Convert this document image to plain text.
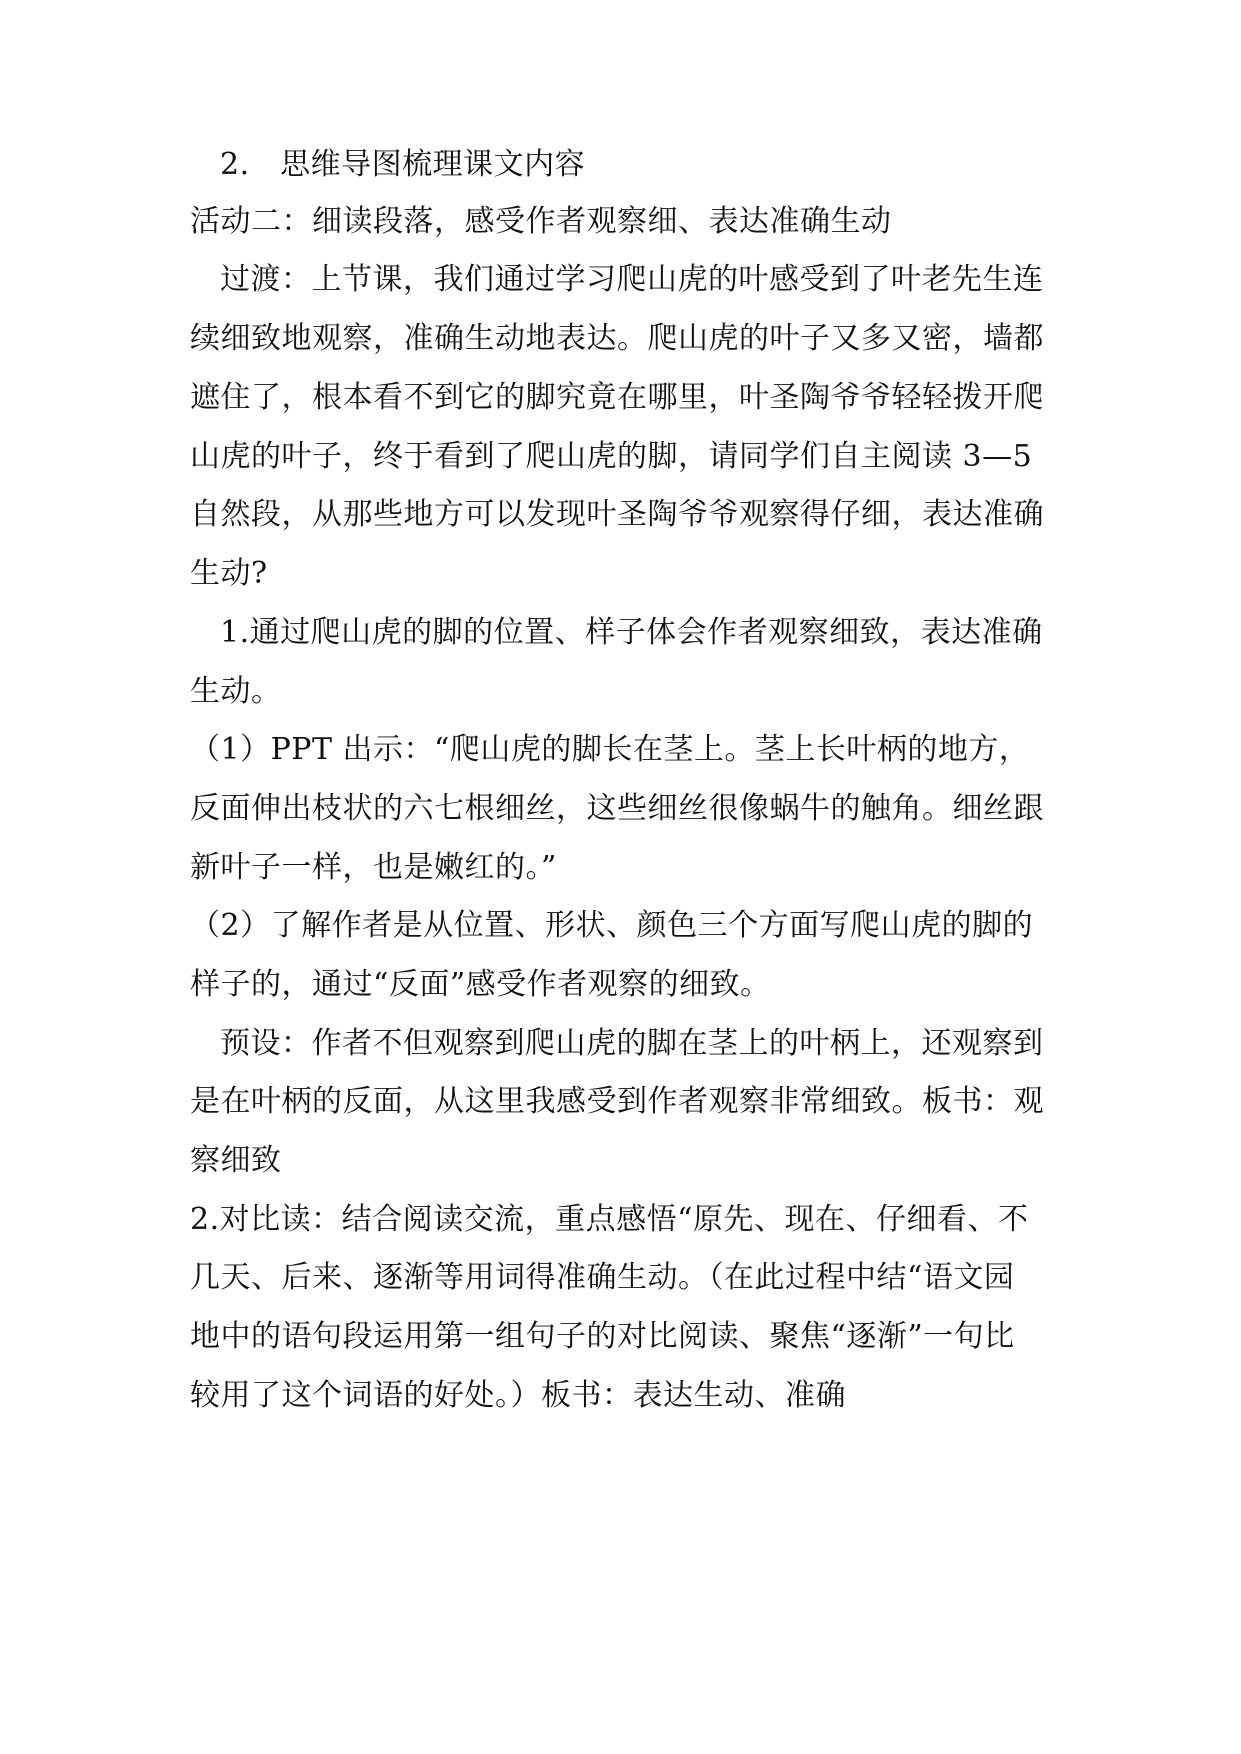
2.　思维导图梳理课文内容
活动二：细读段落，感受作者观察细、表达准确生动
过渡：上节课，我们通过学习爬山虎的叶感受到了叶老先生连
续细致地观察，准确生动地表达。爬山虎的叶子又多又密，墙都
遮住了，根本看不到它的脚究竟在哪里，叶圣陶爷爷轻轻拨开爬
山虎的叶子，终于看到了爬山虎的脚，请同学们自主阅读 3—5
自然段，从那些地方可以发现叶圣陶爷爷观察得仔细，表达准确
生动?
1.通过爬山虎的脚的位置、样子体会作者观察细致，表达准确
生动。
（1）PPT 出示：“爬山虎的脚长在茎上。茎上长叶柄的地方，
反面伸出枝状的六七根细丝，这些细丝很像蜗牛的触角。细丝跟
新叶子一样，也是嫩红的。”
（2）了解作者是从位置、形状、颜色三个方面写爬山虎的脚的
样子的，通过“反面”感受作者观察的细致。
预设：作者不但观察到爬山虎的脚在茎上的叶柄上，还观察到
是在叶柄的反面，从这里我感受到作者观察非常细致。板书：观
察细致
2.对比读：结合阅读交流，重点感悟“原先、现在、仔细看、不
几天、后来、逐渐等用词得准确生动。（在此过程中结“语文园
地中的语句段运用第一组句子的对比阅读、聚焦“逐渐”一句比
较用了这个词语的好处。）板书：表达生动、准确
